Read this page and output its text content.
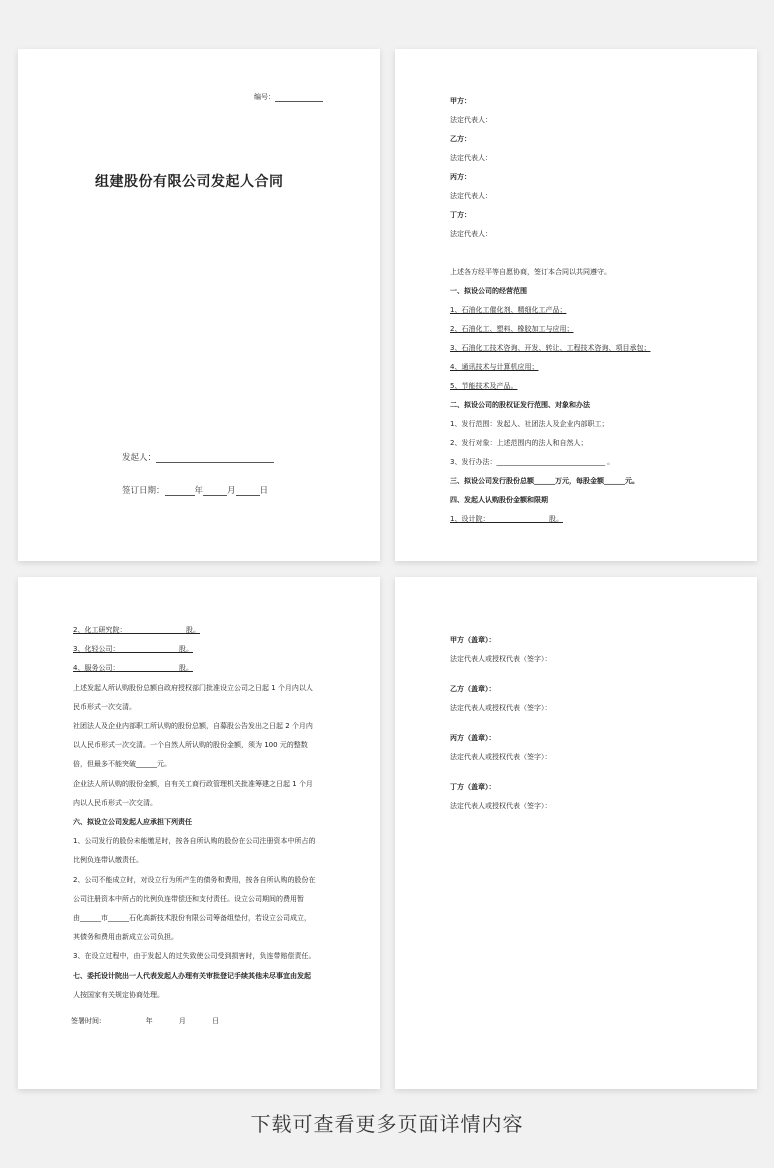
编号：
组建股份有限公司发起人合同
发起人：
签订日期：	年	月	日
甲方：
法定代表人：
乙方：
法定代表人：
丙方：
法定代表人：
丁方：
法定代表人：
上述各方经平等自愿协商，签订本合同以共同遵守。
一、拟设公司的经营范围
1、石油化工催化剂、精细化工产品；
2、石油化工、塑料、橡胶加工与应用；
3、石油化工技术咨询、开发、转让、工程技术咨询、项目承包；
4、通讯技术与计算机应用；
5、节能技术及产品。
二、拟设公司的股权证发行范围、对象和办法
1、发行范围：发起人、社团法人及企业内部职工；
2、发行对象：上述范围内的法人和自然人；
3、发行办法：_______________________________ 。
三、拟设公司发行股份总额______万元，每股金额______元。
四、发起人认购股份金额和限期
1、设计院：_________________股。
2、化工研究院：_________________股。
3、化轻公司：_________________股。
4、服务公司：_________________股。
上述发起人所认购股份总额自政府授权部门批准设立公司之日起 1 个月内以人
民币形式一次交清。
社团法人及企业内部职工所认购的股份总额，自募股公告发出之日起 2 个月内
以人民币形式一次交清。一个自然人所认购的股份金额，须为 100 元的整数
倍，但最多不能突破______元。
企业法人所认购的股份金额，自有关工商行政管理机关批准筹建之日起 1 个月
内以人民币形式一次交清。
六、拟设立公司发起人应承担下列责任
1、公司发行的股份未能缴足时，按各自所认购的股份在公司注册资本中所占的
比例负连带认缴责任。
2、公司不能成立时，对设立行为所产生的债务和费用，按各自所认购的股份在
公司注册资本中所占的比例负连带偿还和支付责任。设立公司期间的费用暂
由______市______石化高新技术股份有限公司筹备组垫付，若设立公司成立，
其债务和费用由新成立公司负担。
3、在设立过程中，由于发起人的过失致使公司受到损害时，负连带赔偿责任。
七、委托设计院出一人代表发起人办理有关审批登记手续其他未尽事宜由发起
人按国家有关规定协商处理。
签署时间:	年	月	日
甲方（盖章）：
法定代表人或授权代表（签字）：
乙方（盖章）：
法定代表人或授权代表（签字）：
丙方（盖章）：
法定代表人或授权代表（签字）：
丁方（盖章）：
法定代表人或授权代表（签字）：
下载可查看更多页面详情内容
